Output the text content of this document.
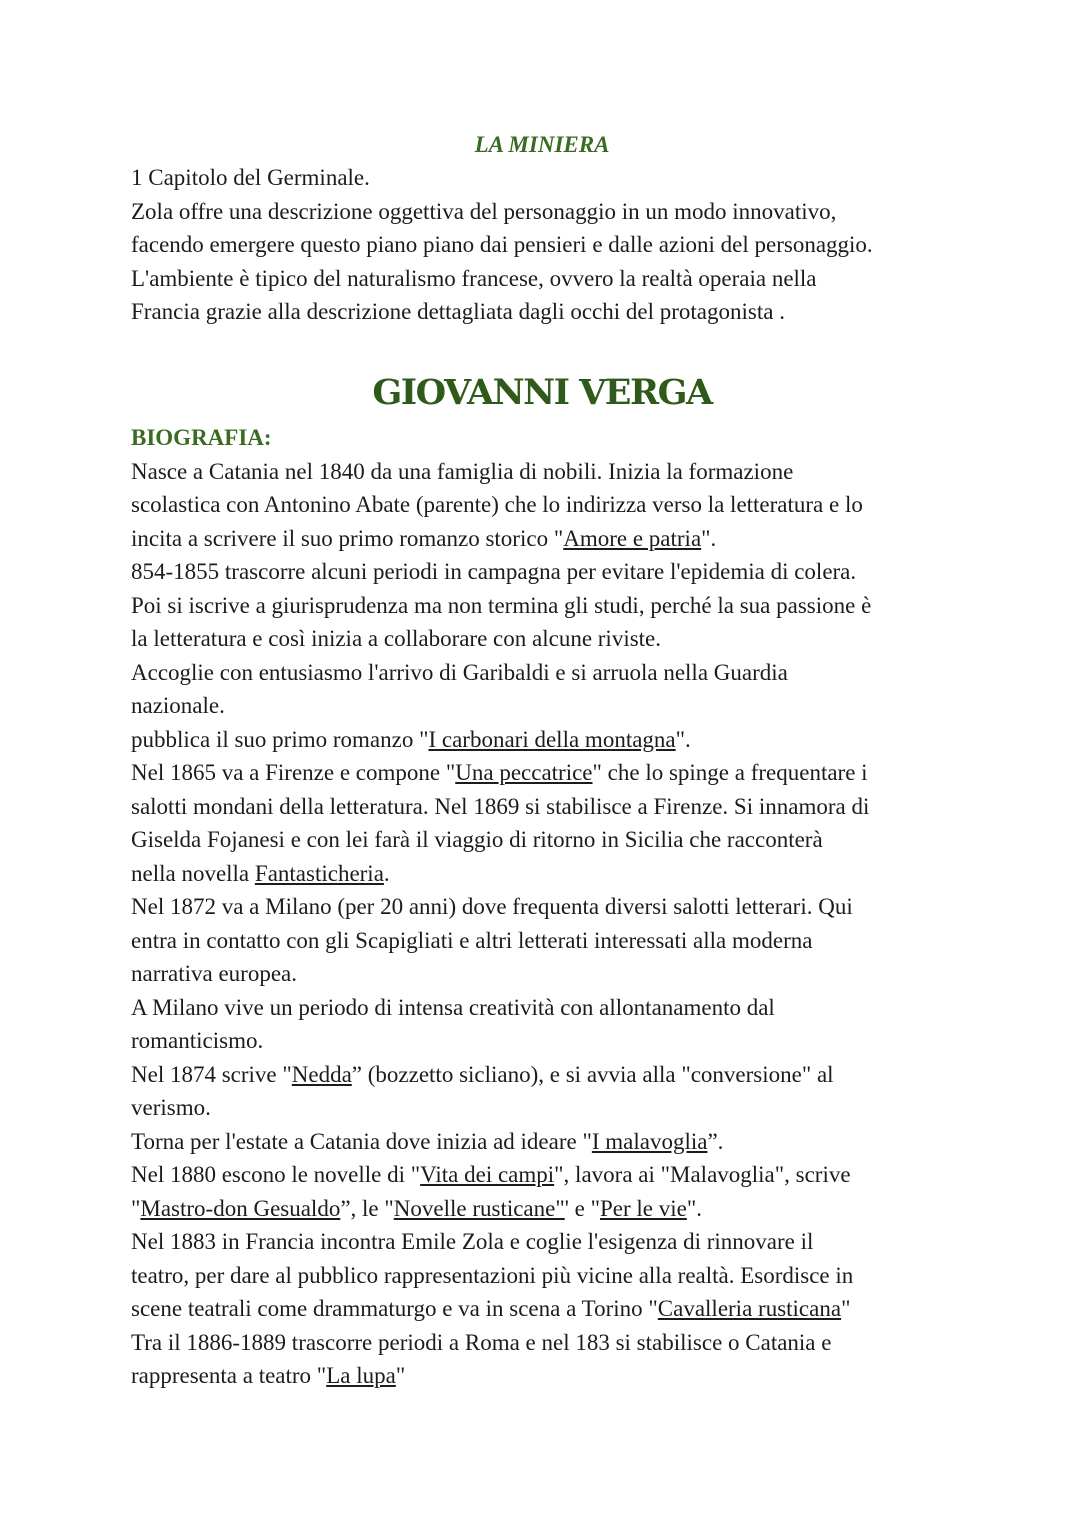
LA MINIERA

1 Capitolo del Germinale.

Zola offre una descrizione oggettiva del personaggio in un modo innovativo,

facendo emergere questo piano piano dai pensieri e dalle azioni del personaggio.

L'ambiente è tipico del naturalismo francese, ovvero la realtà operaia nella

Francia grazie alla descrizione dettagliata dagli occhi del protagonista .

GIOVANNI VERGA
BIOGRAFIA:

Nasce a Catania nel 1840 da una famiglia di nobili. Inizia la formazione

scolastica con Antonino Abate (parente) che lo indirizza verso la letteratura e lo

incita a scrivere il suo primo romanzo storico "Amore e patria".

854-1855 trascorre alcuni periodi in campagna per evitare l'epidemia di colera.

Poi si iscrive a giurisprudenza ma non termina gli studi, perché la sua passione è

la letteratura e così inizia a collaborare con alcune riviste.

Accoglie con entusiasmo l'arrivo di Garibaldi e si arruola nella Guardia

nazionale.

pubblica il suo primo romanzo "I carbonari della montagna".

Nel 1865 va a Firenze e compone "Una peccatrice" che lo spinge a frequentare i

salotti mondani della letteratura. Nel 1869 si stabilisce a Firenze. Si innamora di

Giselda Fojanesi e con lei farà il viaggio di ritorno in Sicilia che racconterà

nella novella Fantasticheria.

Nel 1872 va a Milano (per 20 anni) dove frequenta diversi salotti letterari. Qui

entra in contatto con gli Scapigliati e altri letterati interessati alla moderna

narrativa europea.

A Milano vive un periodo di intensa creatività con allontanamento dal

romanticismo.

Nel 1874 scrive "Nedda” (bozzetto sicliano), e si avvia alla "conversione" al

verismo.

Torna per l'estate a Catania dove inizia ad ideare "I malavoglia”.

Nel 1880 escono le novelle di "Vita dei campi", lavora ai "Malavoglia", scrive

"Mastro-don Gesualdo”, le "Novelle rusticane"' e "Per le vie".

Nel 1883 in Francia incontra Emile Zola e coglie l'esigenza di rinnovare il

teatro, per dare al pubblico rappresentazioni più vicine alla realtà. Esordisce in

scene teatrali come drammaturgo e va in scena a Torino "Cavalleria rusticana"

Tra il 1886-1889 trascorre periodi a Roma e nel 183 si stabilisce o Catania e

rappresenta a teatro "La lupa"
